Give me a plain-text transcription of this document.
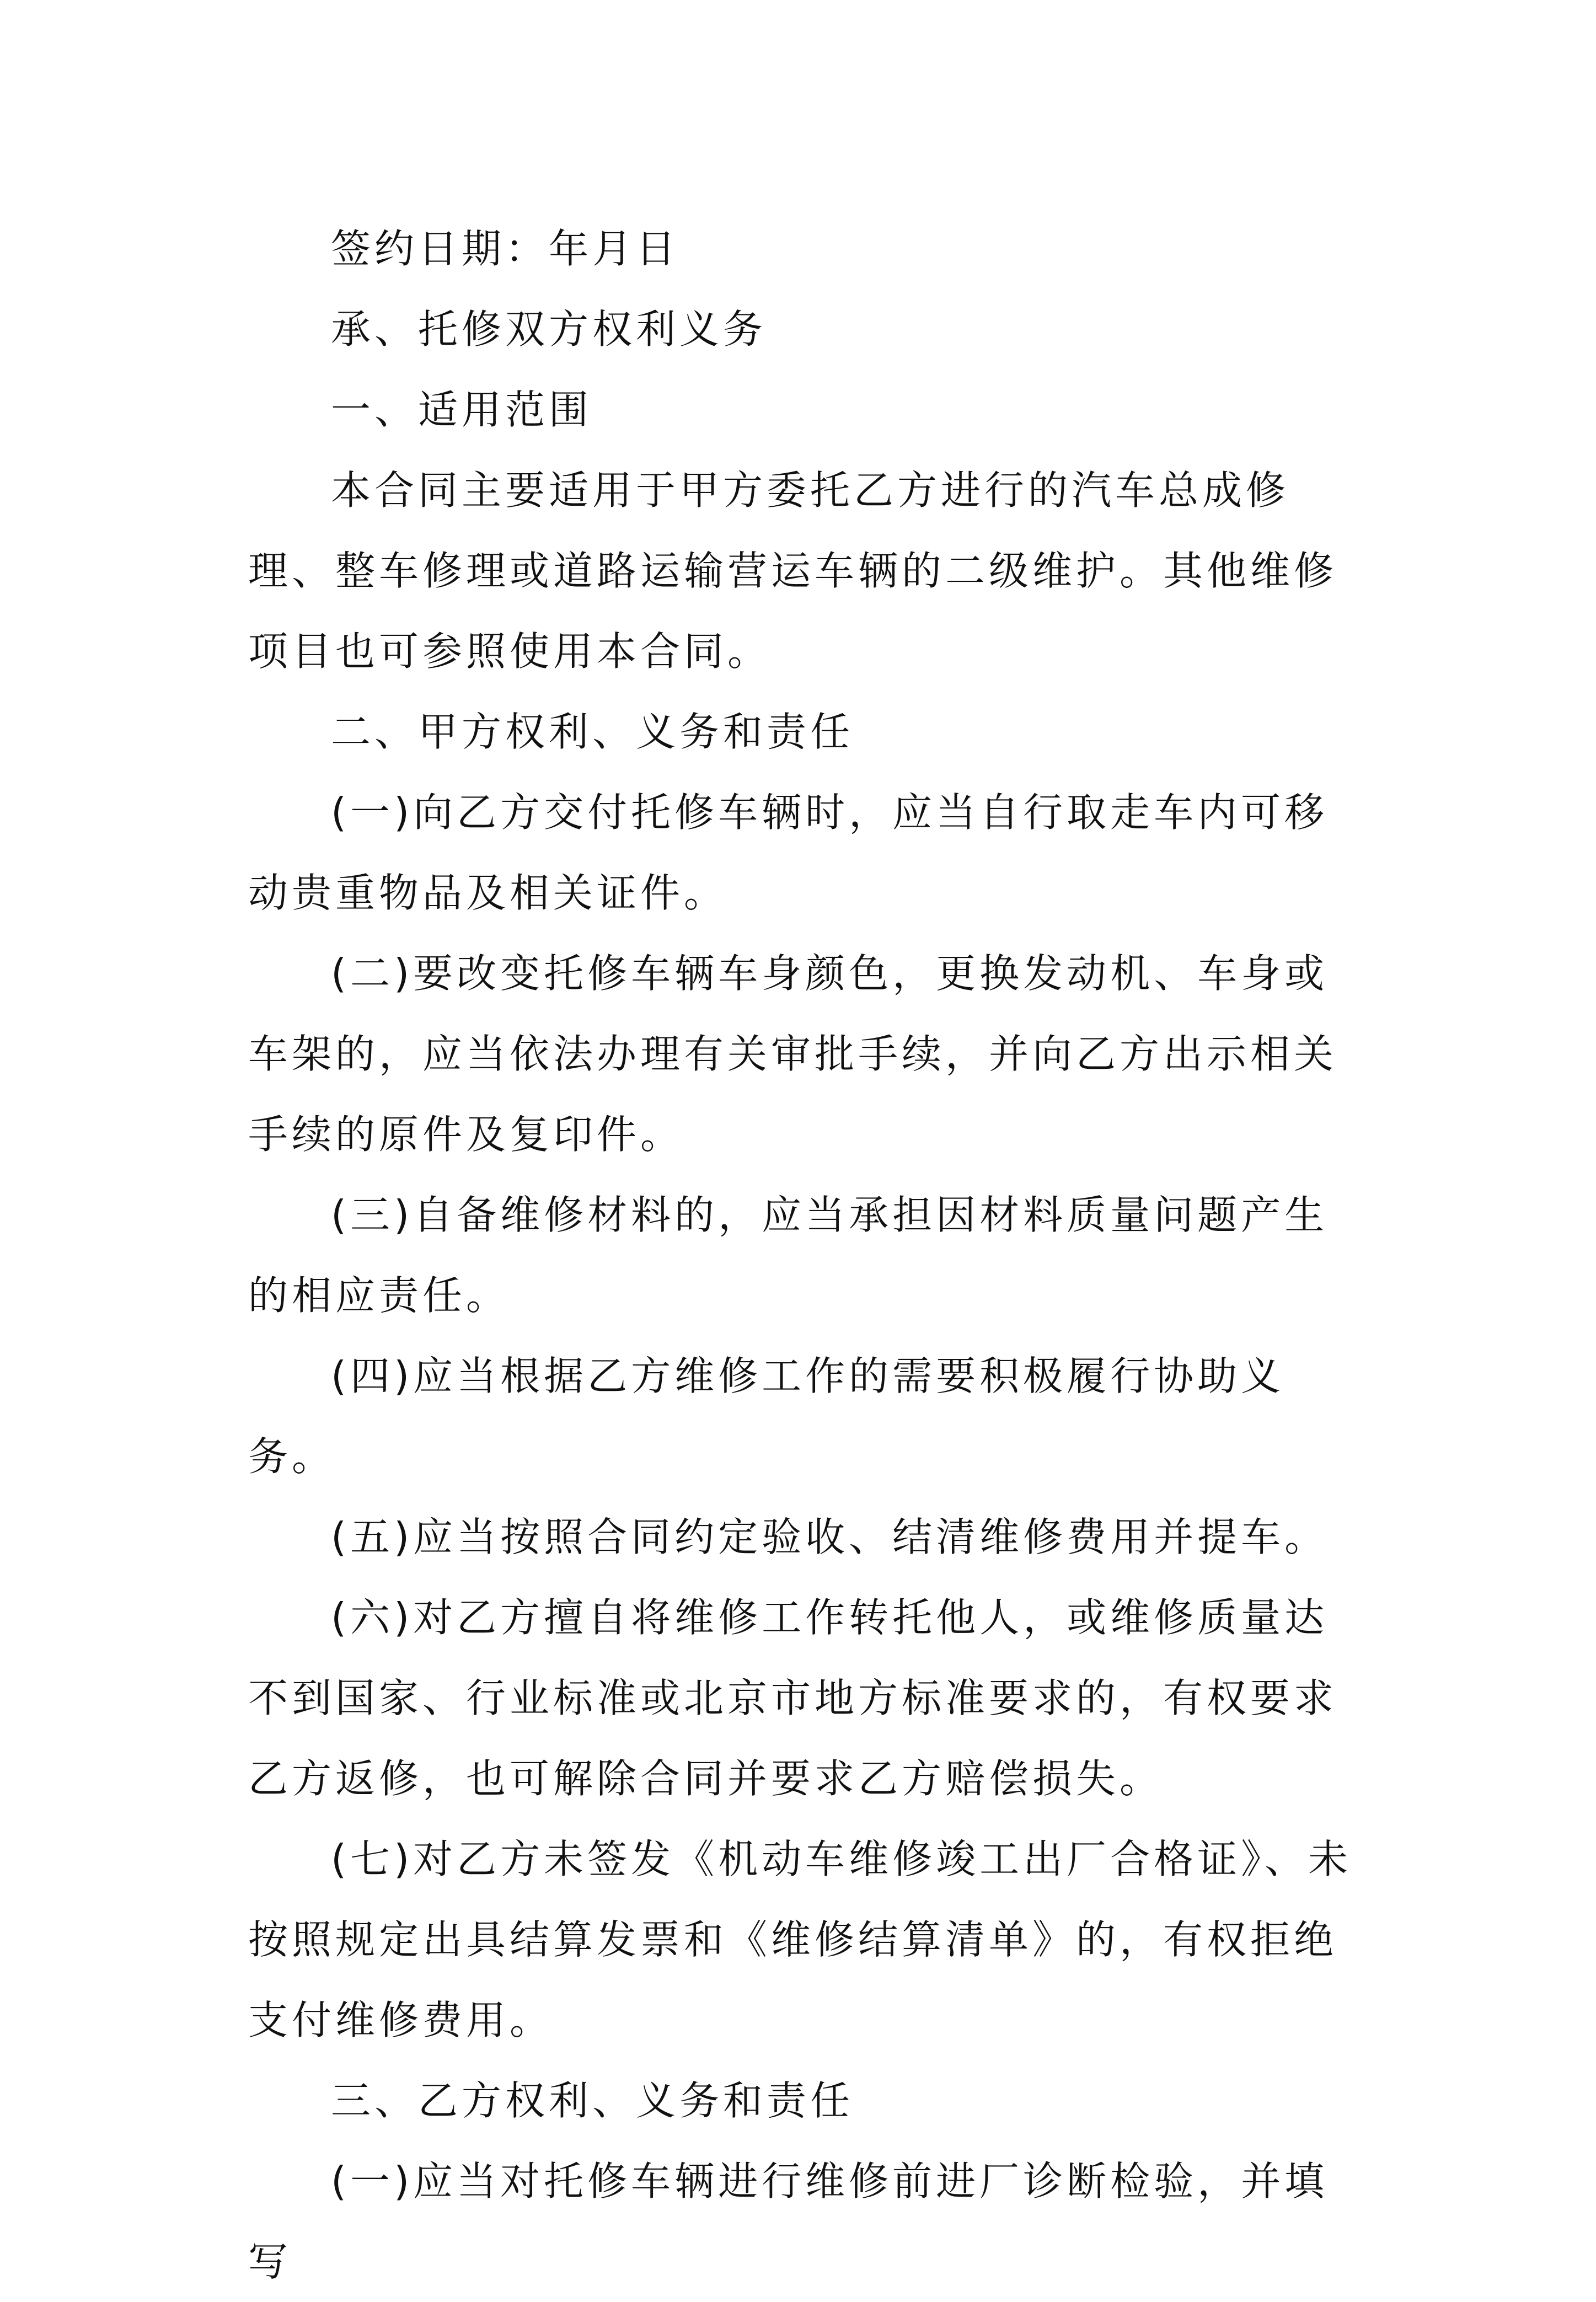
签约日期：年月日

承、托修双方权利义务

一、适用范围

本合同主要适用于甲方委托乙方进行的汽车总成修理、整车修理或道路运输营运车辆的二级维护。其他维修项目也可参照使用本合同。

二、甲方权利、义务和责任

(一)向乙方交付托修车辆时，应当自行取走车内可移动贵重物品及相关证件。

(二)要改变托修车辆车身颜色，更换发动机、车身或车架的，应当依法办理有关审批手续，并向乙方出示相关手续的原件及复印件。

(三)自备维修材料的，应当承担因材料质量问题产生的相应责任。

(四)应当根据乙方维修工作的需要积极履行协助义务。

(五)应当按照合同约定验收、结清维修费用并提车。

(六)对乙方擅自将维修工作转托他人，或维修质量达不到国家、行业标准或北京市地方标准要求的，有权要求乙方返修，也可解除合同并要求乙方赔偿损失。

(七)对乙方未签发《机动车维修竣工出厂合格证》、未按照规定出具结算发票和《维修结算清单》的，有权拒绝支付维修费用。

三、乙方权利、义务和责任

(一)应当对托修车辆进行维修前进厂诊断检验，并填写
